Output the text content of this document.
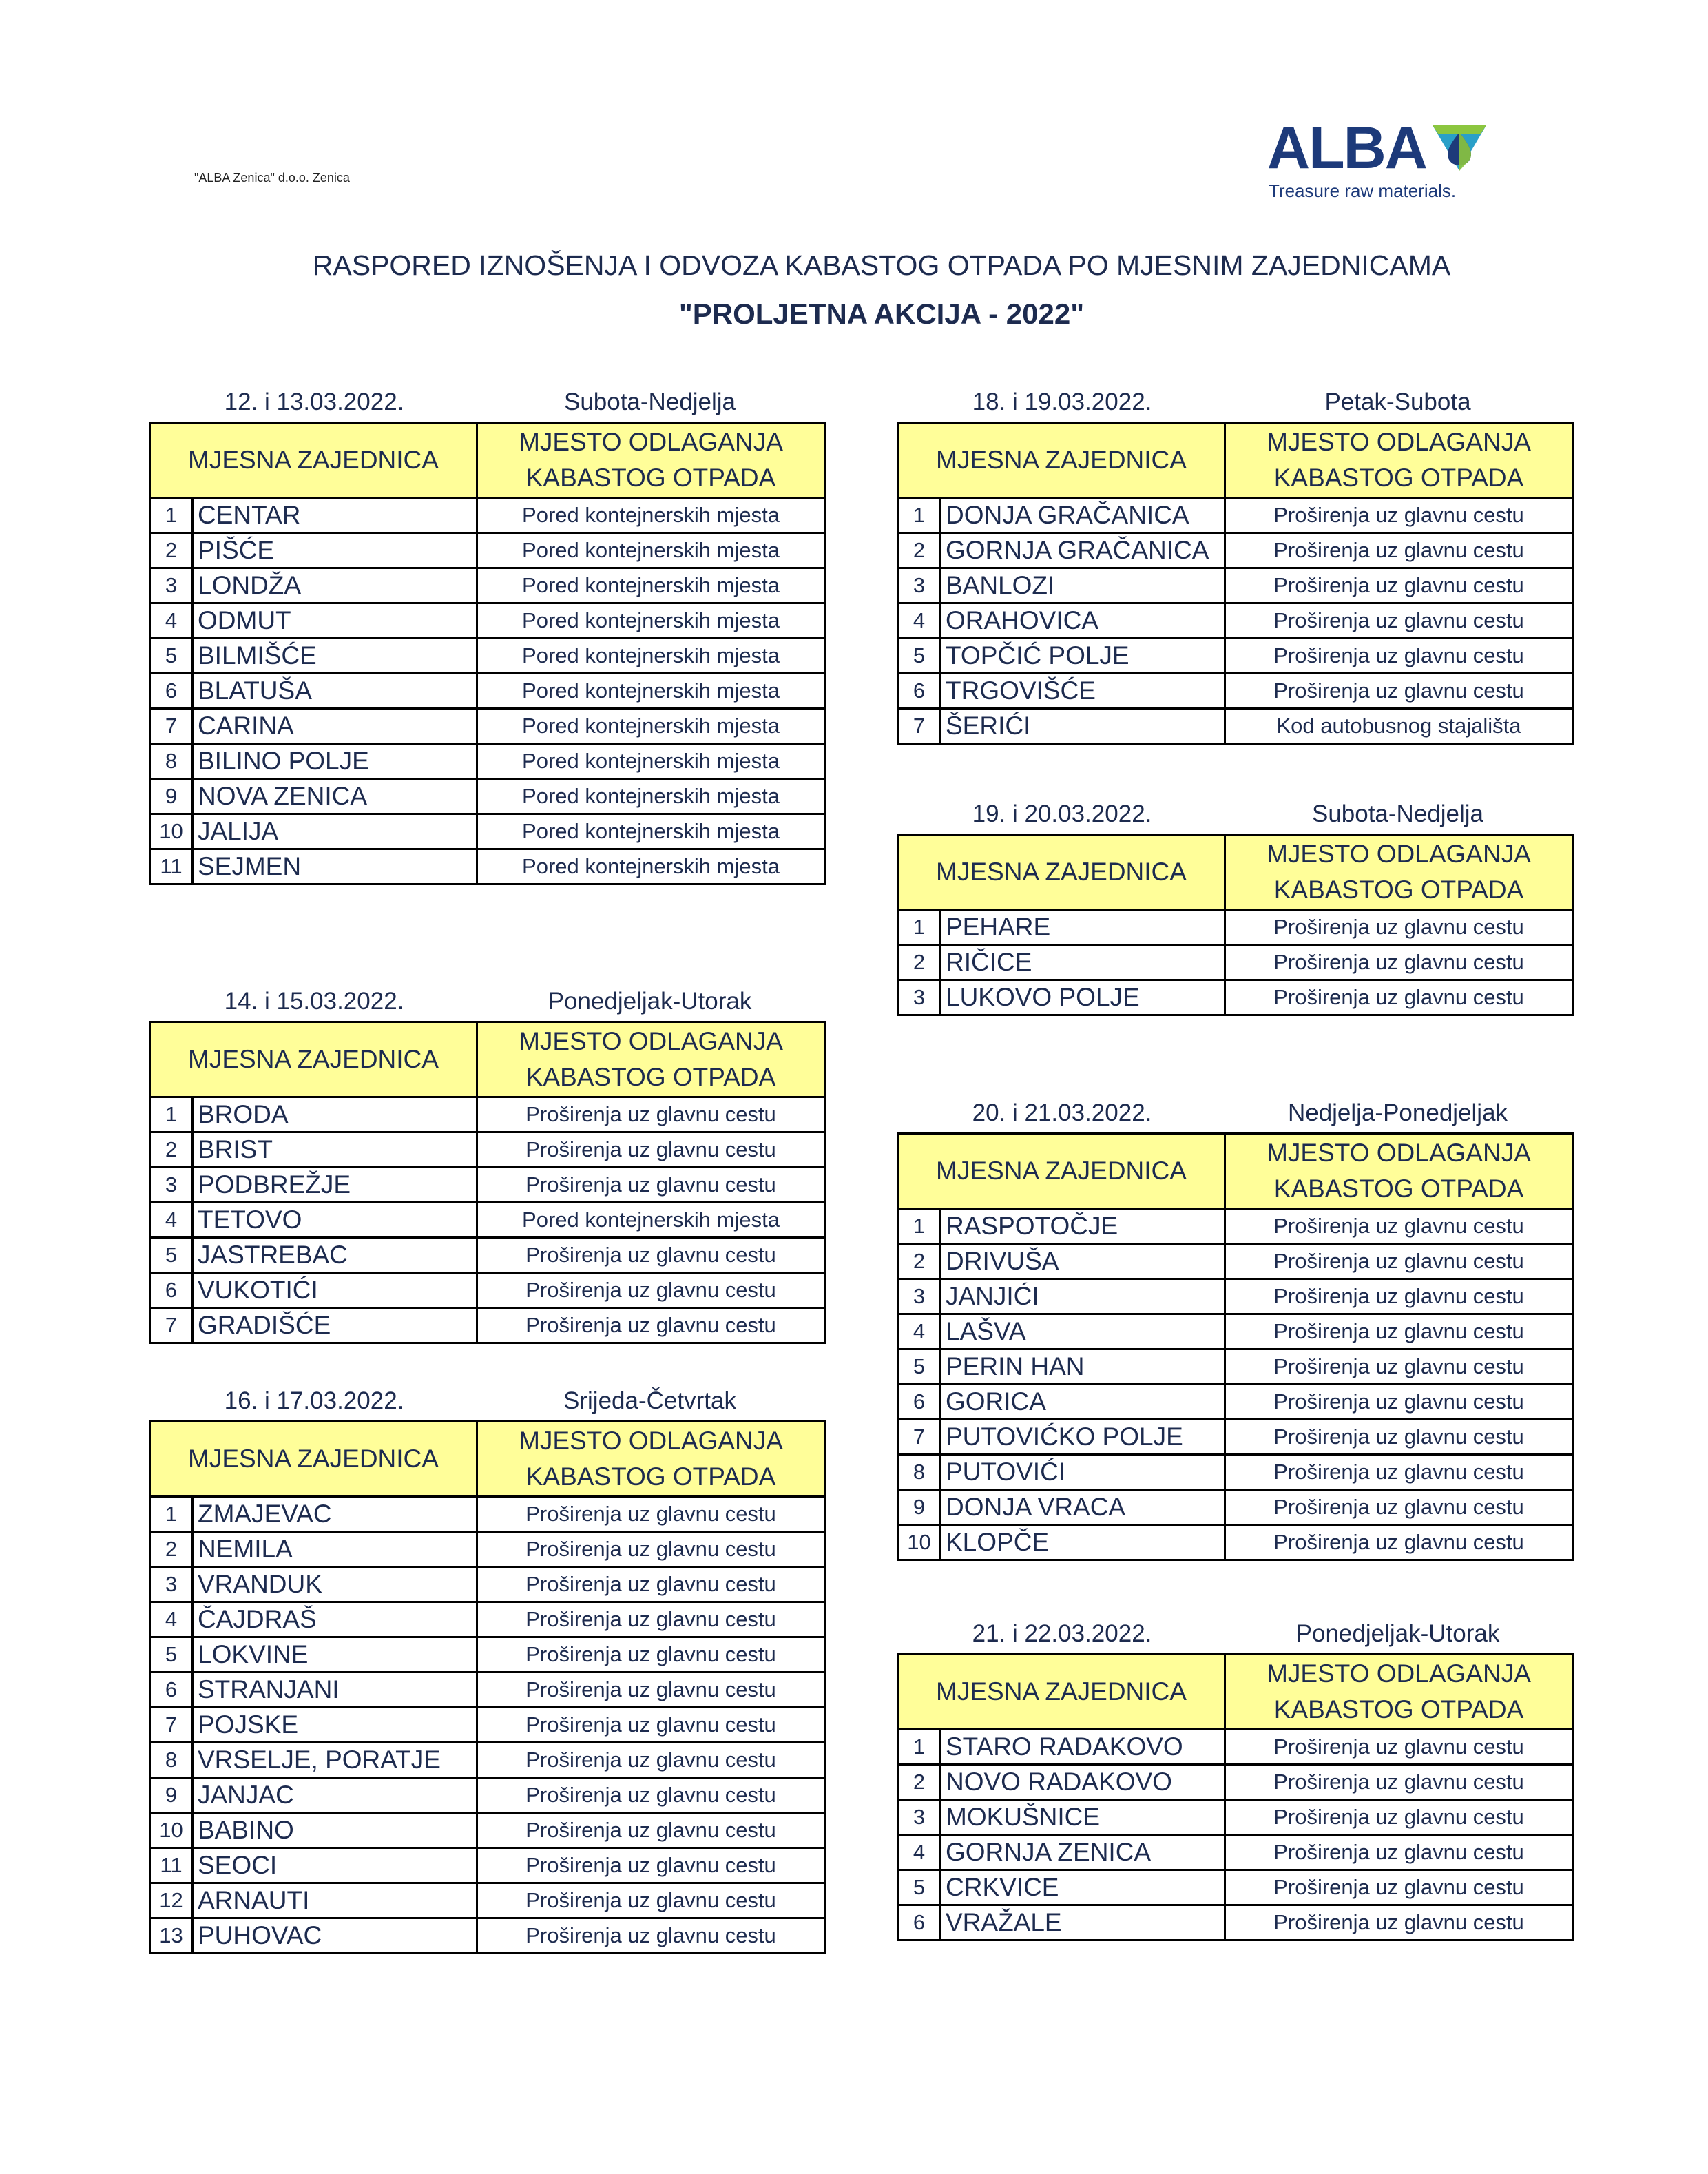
"ALBA Zenica" d.o.o. Zenica	ALBA
Treasure raw materials.
RASPORED IZNOŠENJA I ODVOZA KABASTOG OTPADA PO MJESNIM ZAJEDNICAMA
"PROLJETNA AKCIJA - 2022"
12. i 13.03.2022.	Subota-Nedjelja
MJESNA ZAJEDNICA		MJESTO ODLAGANJA
KABASTOG OTPADA
1	CENTAR	Pored kontejnerskih mjesta
2	PIŠĆE	Pored kontejnerskih mjesta
3	LONDŽA	Pored kontejnerskih mjesta
4	ODMUT	Pored kontejnerskih mjesta
5	BILMIŠĆE	Pored kontejnerskih mjesta
6	BLATUŠA	Pored kontejnerskih mjesta
7	CARINA	Pored kontejnerskih mjesta
8	BILINO POLJE	Pored kontejnerskih mjesta
9	NOVA ZENICA	Pored kontejnerskih mjesta
10	JALIJA	Pored kontejnerskih mjesta
11	SEJMEN	Pored kontejnerskih mjesta
14. i 15.03.2022.	Ponedjeljak-Utorak
MJESNA ZAJEDNICA		MJESTO ODLAGANJA
KABASTOG OTPADA
1	BRODA	Proširenja uz glavnu cestu
2	BRIST	Proširenja uz glavnu cestu
3	PODBREŽJE	Proširenja uz glavnu cestu
4	TETOVO	Pored kontejnerskih mjesta
5	JASTREBAC	Proširenja uz glavnu cestu
6	VUKOTIĆI	Proširenja uz glavnu cestu
7	GRADIŠĆE	Proširenja uz glavnu cestu
16. i 17.03.2022.	Srijeda-Četvrtak
MJESNA ZAJEDNICA		MJESTO ODLAGANJA
KABASTOG OTPADA
1	ZMAJEVAC	Proširenja uz glavnu cestu
2	NEMILA	Proširenja uz glavnu cestu
3	VRANDUK	Proširenja uz glavnu cestu
4	ČAJDRAŠ	Proširenja uz glavnu cestu
5	LOKVINE	Proširenja uz glavnu cestu
6	STRANJANI	Proširenja uz glavnu cestu
7	POJSKE	Proširenja uz glavnu cestu
8	VRSELJE, PORATJE	Proširenja uz glavnu cestu
9	JANJAC	Proširenja uz glavnu cestu
10	BABINO	Proširenja uz glavnu cestu
11	SEOCI	Proširenja uz glavnu cestu
12	ARNAUTI	Proširenja uz glavnu cestu
13	PUHOVAC	Proširenja uz glavnu cestu
18. i 19.03.2022.	Petak-Subota
MJESNA ZAJEDNICA		MJESTO ODLAGANJA
KABASTOG OTPADA
1	DONJA GRAČANICA	Proširenja uz glavnu cestu
2	GORNJA GRAČANICA	Proširenja uz glavnu cestu
3	BANLOZI	Proširenja uz glavnu cestu
4	ORAHOVICA	Proširenja uz glavnu cestu
5	TOPČIĆ POLJE	Proširenja uz glavnu cestu
6	TRGOVIŠĆE	Proširenja uz glavnu cestu
7	ŠERIĆI	Kod autobusnog stajališta
19. i 20.03.2022.	Subota-Nedjelja
MJESNA ZAJEDNICA		MJESTO ODLAGANJA
KABASTOG OTPADA
1	PEHARE	Proširenja uz glavnu cestu
2	RIČICE	Proširenja uz glavnu cestu
3	LUKOVO POLJE	Proširenja uz glavnu cestu
20. i 21.03.2022.	Nedjelja-Ponedjeljak
MJESNA ZAJEDNICA		MJESTO ODLAGANJA
KABASTOG OTPADA
1	RASPOTOČJE	Proširenja uz glavnu cestu
2	DRIVUŠA	Proširenja uz glavnu cestu
3	JANJIĆI	Proširenja uz glavnu cestu
4	LAŠVA	Proširenja uz glavnu cestu
5	PERIN HAN	Proširenja uz glavnu cestu
6	GORICA	Proširenja uz glavnu cestu
7	PUTOVIĆKO POLJE	Proširenja uz glavnu cestu
8	PUTOVIĆI	Proširenja uz glavnu cestu
9	DONJA VRACA	Proširenja uz glavnu cestu
10	KLOPČE	Proširenja uz glavnu cestu
21. i 22.03.2022.	Ponedjeljak-Utorak
MJESNA ZAJEDNICA		MJESTO ODLAGANJA
KABASTOG OTPADA
1	STARO RADAKOVO	Proširenja uz glavnu cestu
2	NOVO RADAKOVO	Proširenja uz glavnu cestu
3	MOKUŠNICE	Proširenja uz glavnu cestu
4	GORNJA ZENICA	Proširenja uz glavnu cestu
5	CRKVICE	Proširenja uz glavnu cestu
6	VRAŽALE	Proširenja uz glavnu cestu
